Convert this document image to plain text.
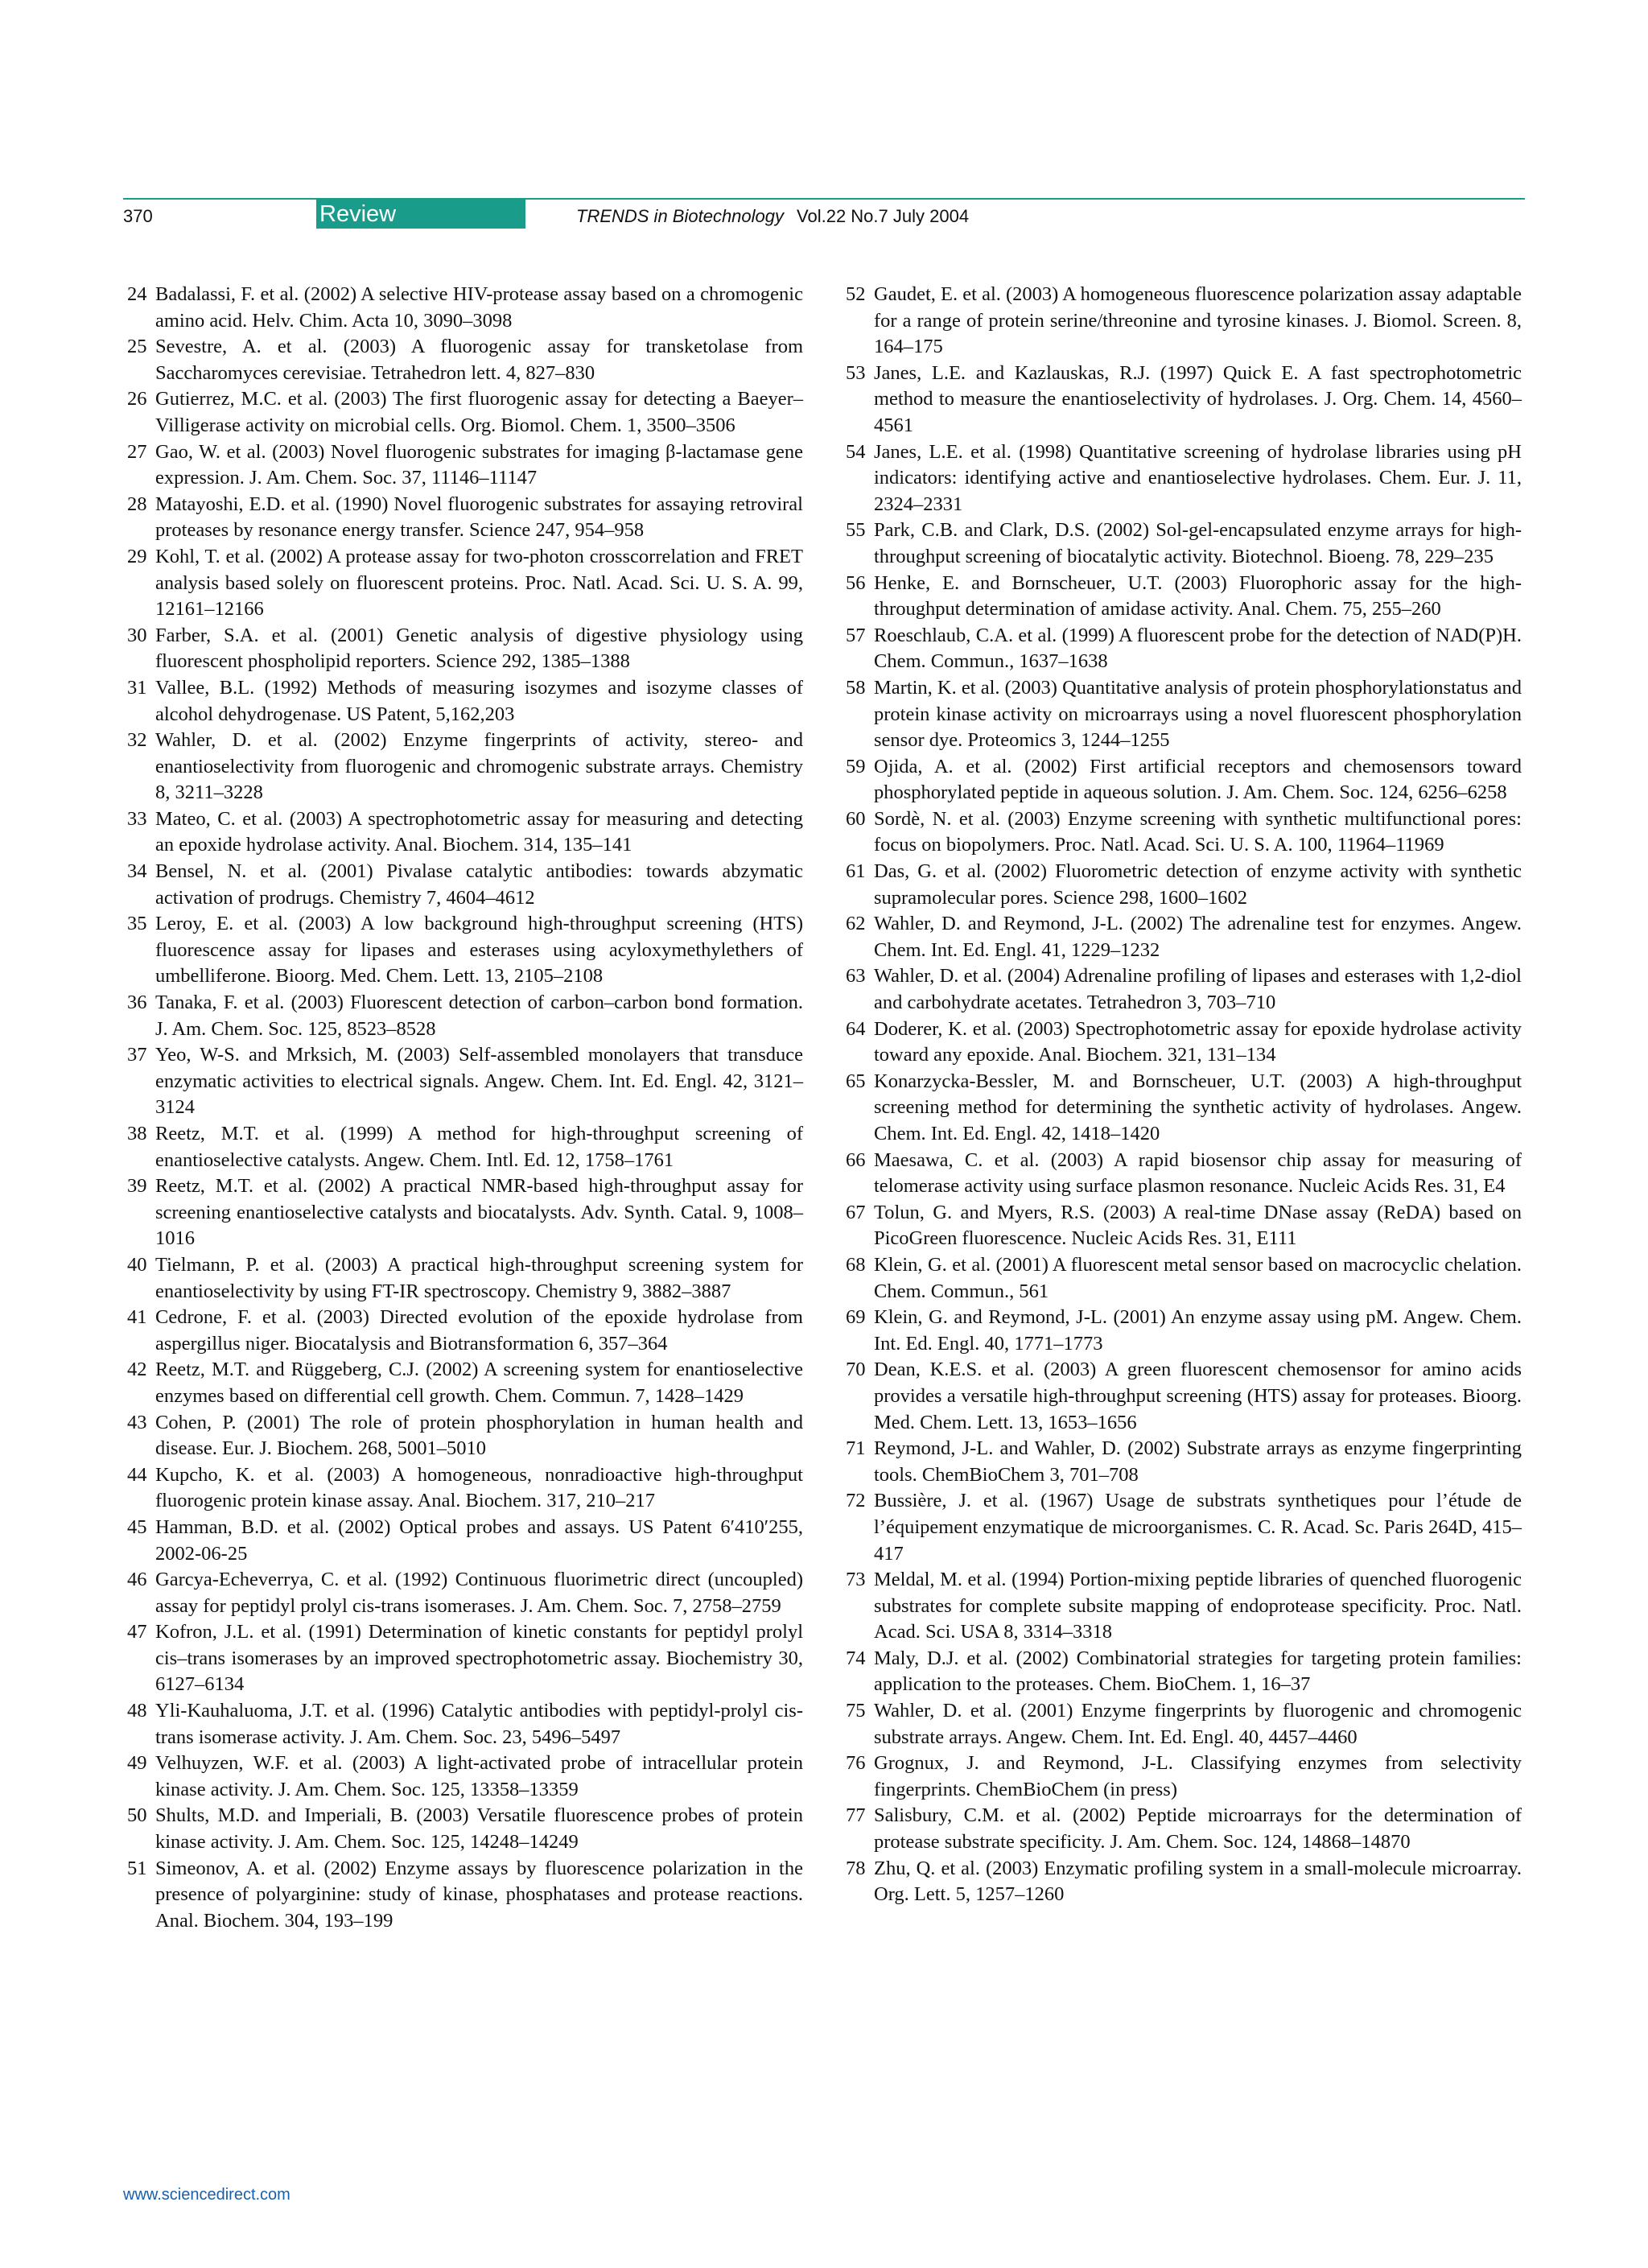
370	Review	TRENDS in Biotechnology Vol.22 No.7 July 2004
24 Badalassi, F. et al. (2002) A selective HIV-protease assay based on a chromogenic amino acid. Helv. Chim. Acta 10, 3090–3098
25 Sevestre, A. et al. (2003) A fluorogenic assay for transketolase from Saccharomyces cerevisiae. Tetrahedron lett. 4, 827–830
26 Gutierrez, M.C. et al. (2003) The first fluorogenic assay for detecting a Baeyer–Villigerase activity on microbial cells. Org. Biomol. Chem. 1, 3500–3506
27 Gao, W. et al. (2003) Novel fluorogenic substrates for imaging β-lactamase gene expression. J. Am. Chem. Soc. 37, 11146–11147
28 Matayoshi, E.D. et al. (1990) Novel fluorogenic substrates for assaying retroviral proteases by resonance energy transfer. Science 247, 954–958
29 Kohl, T. et al. (2002) A protease assay for two-photon crosscorrelation and FRET analysis based solely on fluorescent proteins. Proc. Natl. Acad. Sci. U. S. A. 99, 12161–12166
30 Farber, S.A. et al. (2001) Genetic analysis of digestive physiology using fluorescent phospholipid reporters. Science 292, 1385–1388
31 Vallee, B.L. (1992) Methods of measuring isozymes and isozyme classes of alcohol dehydrogenase. US Patent, 5,162,203
32 Wahler, D. et al. (2002) Enzyme fingerprints of activity, stereo- and enantioselectivity from fluorogenic and chromogenic substrate arrays. Chemistry 8, 3211–3228
33 Mateo, C. et al. (2003) A spectrophotometric assay for measuring and detecting an epoxide hydrolase activity. Anal. Biochem. 314, 135–141
34 Bensel, N. et al. (2001) Pivalase catalytic antibodies: towards abzymatic activation of prodrugs. Chemistry 7, 4604–4612
35 Leroy, E. et al. (2003) A low background high-throughput screening (HTS) fluorescence assay for lipases and esterases using acyloxymethylethers of umbelliferone. Bioorg. Med. Chem. Lett. 13, 2105–2108
36 Tanaka, F. et al. (2003) Fluorescent detection of carbon–carbon bond formation. J. Am. Chem. Soc. 125, 8523–8528
37 Yeo, W-S. and Mrksich, M. (2003) Self-assembled monolayers that transduce enzymatic activities to electrical signals. Angew. Chem. Int. Ed. Engl. 42, 3121–3124
38 Reetz, M.T. et al. (1999) A method for high-throughput screening of enantioselective catalysts. Angew. Chem. Intl. Ed. 12, 1758–1761
39 Reetz, M.T. et al. (2002) A practical NMR-based high-throughput assay for screening enantioselective catalysts and biocatalysts. Adv. Synth. Catal. 9, 1008–1016
40 Tielmann, P. et al. (2003) A practical high-throughput screening system for enantioselectivity by using FT-IR spectroscopy. Chemistry 9, 3882–3887
41 Cedrone, F. et al. (2003) Directed evolution of the epoxide hydrolase from aspergillus niger. Biocatalysis and Biotransformation 6, 357–364
42 Reetz, M.T. and Rüggeberg, C.J. (2002) A screening system for enantioselective enzymes based on differential cell growth. Chem. Commun. 7, 1428–1429
43 Cohen, P. (2001) The role of protein phosphorylation in human health and disease. Eur. J. Biochem. 268, 5001–5010
44 Kupcho, K. et al. (2003) A homogeneous, nonradioactive high-throughput fluorogenic protein kinase assay. Anal. Biochem. 317, 210–217
45 Hamman, B.D. et al. (2002) Optical probes and assays. US Patent 6′410′255, 2002-06-25
46 Garcya-Echeverrya, C. et al. (1992) Continuous fluorimetric direct (uncoupled) assay for peptidyl prolyl cis-trans isomerases. J. Am. Chem. Soc. 7, 2758–2759
47 Kofron, J.L. et al. (1991) Determination of kinetic constants for peptidyl prolyl cis–trans isomerases by an improved spectrophotometric assay. Biochemistry 30, 6127–6134
48 Yli-Kauhaluoma, J.T. et al. (1996) Catalytic antibodies with peptidyl-prolyl cis-trans isomerase activity. J. Am. Chem. Soc. 23, 5496–5497
49 Velhuyzen, W.F. et al. (2003) A light-activated probe of intracellular protein kinase activity. J. Am. Chem. Soc. 125, 13358–13359
50 Shults, M.D. and Imperiali, B. (2003) Versatile fluorescence probes of protein kinase activity. J. Am. Chem. Soc. 125, 14248–14249
51 Simeonov, A. et al. (2002) Enzyme assays by fluorescence polarization in the presence of polyarginine: study of kinase, phosphatases and protease reactions. Anal. Biochem. 304, 193–199
52 Gaudet, E. et al. (2003) A homogeneous fluorescence polarization assay adaptable for a range of protein serine/threonine and tyrosine kinases. J. Biomol. Screen. 8, 164–175
53 Janes, L.E. and Kazlauskas, R.J. (1997) Quick E. A fast spectrophotometric method to measure the enantioselectivity of hydrolases. J. Org. Chem. 14, 4560–4561
54 Janes, L.E. et al. (1998) Quantitative screening of hydrolase libraries using pH indicators: identifying active and enantioselective hydrolases. Chem. Eur. J. 11, 2324–2331
55 Park, C.B. and Clark, D.S. (2002) Sol-gel-encapsulated enzyme arrays for high-throughput screening of biocatalytic activity. Biotechnol. Bioeng. 78, 229–235
56 Henke, E. and Bornscheuer, U.T. (2003) Fluorophoric assay for the high-throughput determination of amidase activity. Anal. Chem. 75, 255–260
57 Roeschlaub, C.A. et al. (1999) A fluorescent probe for the detection of NAD(P)H. Chem. Commun., 1637–1638
58 Martin, K. et al. (2003) Quantitative analysis of protein phosphorylationstatus and protein kinase activity on microarrays using a novel fluorescent phosphorylation sensor dye. Proteomics 3, 1244–1255
59 Ojida, A. et al. (2002) First artificial receptors and chemosensors toward phosphorylated peptide in aqueous solution. J. Am. Chem. Soc. 124, 6256–6258
60 Sordè, N. et al. (2003) Enzyme screening with synthetic multifunctional pores: focus on biopolymers. Proc. Natl. Acad. Sci. U. S. A. 100, 11964–11969
61 Das, G. et al. (2002) Fluorometric detection of enzyme activity with synthetic supramolecular pores. Science 298, 1600–1602
62 Wahler, D. and Reymond, J-L. (2002) The adrenaline test for enzymes. Angew. Chem. Int. Ed. Engl. 41, 1229–1232
63 Wahler, D. et al. (2004) Adrenaline profiling of lipases and esterases with 1,2-diol and carbohydrate acetates. Tetrahedron 3, 703–710
64 Doderer, K. et al. (2003) Spectrophotometric assay for epoxide hydrolase activity toward any epoxide. Anal. Biochem. 321, 131–134
65 Konarzycka-Bessler, M. and Bornscheuer, U.T. (2003) A high-throughput screening method for determining the synthetic activity of hydrolases. Angew. Chem. Int. Ed. Engl. 42, 1418–1420
66 Maesawa, C. et al. (2003) A rapid biosensor chip assay for measuring of telomerase activity using surface plasmon resonance. Nucleic Acids Res. 31, E4
67 Tolun, G. and Myers, R.S. (2003) A real-time DNase assay (ReDA) based on PicoGreen fluorescence. Nucleic Acids Res. 31, E111
68 Klein, G. et al. (2001) A fluorescent metal sensor based on macrocyclic chelation. Chem. Commun., 561
69 Klein, G. and Reymond, J-L. (2001) An enzyme assay using pM. Angew. Chem. Int. Ed. Engl. 40, 1771–1773
70 Dean, K.E.S. et al. (2003) A green fluorescent chemosensor for amino acids provides a versatile high-throughput screening (HTS) assay for proteases. Bioorg. Med. Chem. Lett. 13, 1653–1656
71 Reymond, J-L. and Wahler, D. (2002) Substrate arrays as enzyme fingerprinting tools. ChemBioChem 3, 701–708
72 Bussière, J. et al. (1967) Usage de substrats synthetiques pour l’étude de l’équipement enzymatique de microorganismes. C. R. Acad. Sc. Paris 264D, 415–417
73 Meldal, M. et al. (1994) Portion-mixing peptide libraries of quenched fluorogenic substrates for complete subsite mapping of endoprotease specificity. Proc. Natl. Acad. Sci. USA 8, 3314–3318
74 Maly, D.J. et al. (2002) Combinatorial strategies for targeting protein families: application to the proteases. Chem. BioChem. 1, 16–37
75 Wahler, D. et al. (2001) Enzyme fingerprints by fluorogenic and chromogenic substrate arrays. Angew. Chem. Int. Ed. Engl. 40, 4457–4460
76 Grognux, J. and Reymond, J-L. Classifying enzymes from selectivity fingerprints. ChemBioChem (in press)
77 Salisbury, C.M. et al. (2002) Peptide microarrays for the determination of protease substrate specificity. J. Am. Chem. Soc. 124, 14868–14870
78 Zhu, Q. et al. (2003) Enzymatic profiling system in a small-molecule microarray. Org. Lett. 5, 1257–1260
www.sciencedirect.com
